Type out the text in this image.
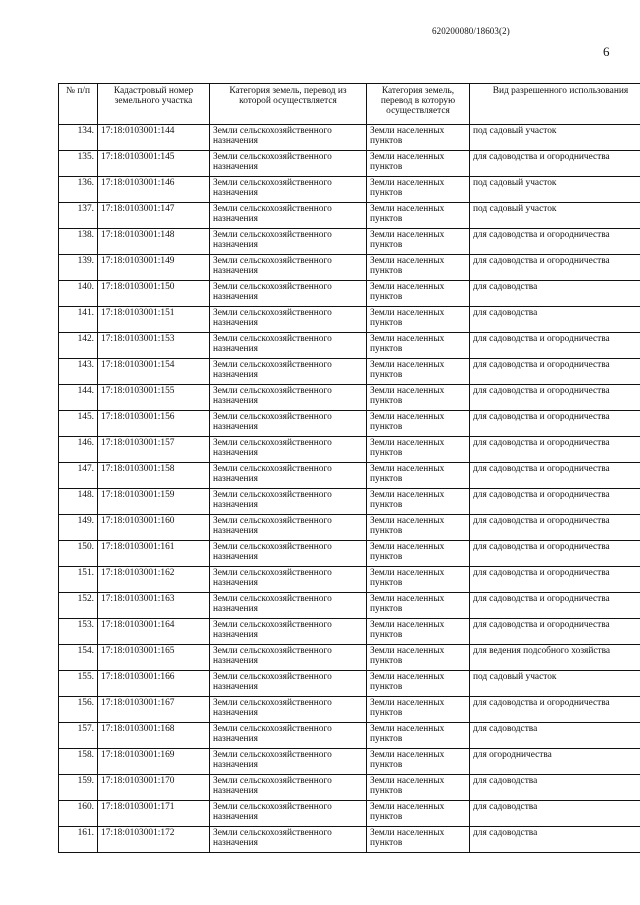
620200080/18603(2)
6
№ п/п	Кадастровый номер земельного участка	Категория земель, перевод из которой осуществляется	Категория земель, перевод в которую осуществляется	Вид разрешенного использования
134.	17:18:0103001:144	Земли сельскохозяйственного назначения	Земли населенных пунктов	под садовый участок
135.	17:18:0103001:145	Земли сельскохозяйственного назначения	Земли населенных пунктов	для садоводства и огородничества
136.	17:18:0103001:146	Земли сельскохозяйственного назначения	Земли населенных пунктов	под садовый участок
137.	17:18:0103001:147	Земли сельскохозяйственного назначения	Земли населенных пунктов	под садовый участок
138.	17:18:0103001:148	Земли сельскохозяйственного назначения	Земли населенных пунктов	для садоводства и огородничества
139.	17:18:0103001:149	Земли сельскохозяйственного назначения	Земли населенных пунктов	для садоводства и огородничества
140.	17:18:0103001:150	Земли сельскохозяйственного назначения	Земли населенных пунктов	для садоводства
141.	17:18:0103001:151	Земли сельскохозяйственного назначения	Земли населенных пунктов	для садоводства
142.	17:18:0103001:153	Земли сельскохозяйственного назначения	Земли населенных пунктов	для садоводства и огородничества
143.	17:18:0103001:154	Земли сельскохозяйственного назначения	Земли населенных пунктов	для садоводства и огородничества
144.	17:18:0103001:155	Земли сельскохозяйственного назначения	Земли населенных пунктов	для садоводства и огородничества
145.	17:18:0103001:156	Земли сельскохозяйственного назначения	Земли населенных пунктов	для садоводства и огородничества
146.	17:18:0103001:157	Земли сельскохозяйственного назначения	Земли населенных пунктов	для садоводства и огородничества
147.	17:18:0103001:158	Земли сельскохозяйственного назначения	Земли населенных пунктов	для садоводства и огородничества
148.	17:18:0103001:159	Земли сельскохозяйственного назначения	Земли населенных пунктов	для садоводства и огородничества
149.	17:18:0103001:160	Земли сельскохозяйственного назначения	Земли населенных пунктов	для садоводства и огородничества
150.	17:18:0103001:161	Земли сельскохозяйственного назначения	Земли населенных пунктов	для садоводства и огородничества
151.	17:18:0103001:162	Земли сельскохозяйственного назначения	Земли населенных пунктов	для садоводства и огородничества
152.	17:18:0103001:163	Земли сельскохозяйственного назначения	Земли населенных пунктов	для садоводства и огородничества
153.	17:18:0103001:164	Земли сельскохозяйственного назначения	Земли населенных пунктов	для садоводства и огородничества
154.	17:18:0103001:165	Земли сельскохозяйственного назначения	Земли населенных пунктов	для ведения подсобного хозяйства
155.	17:18:0103001:166	Земли сельскохозяйственного назначения	Земли населенных пунктов	под садовый участок
156.	17:18:0103001:167	Земли сельскохозяйственного назначения	Земли населенных пунктов	для садоводства и огородничества
157.	17:18:0103001:168	Земли сельскохозяйственного назначения	Земли населенных пунктов	для садоводства
158.	17:18:0103001:169	Земли сельскохозяйственного назначения	Земли населенных пунктов	для огородничества
159.	17:18:0103001:170	Земли сельскохозяйственного назначения	Земли населенных пунктов	для садоводства
160.	17:18:0103001:171	Земли сельскохозяйственного назначения	Земли населенных пунктов	для садоводства
161.	17:18:0103001:172	Земли сельскохозяйственного назначения	Земли населенных пунктов	для садоводства
